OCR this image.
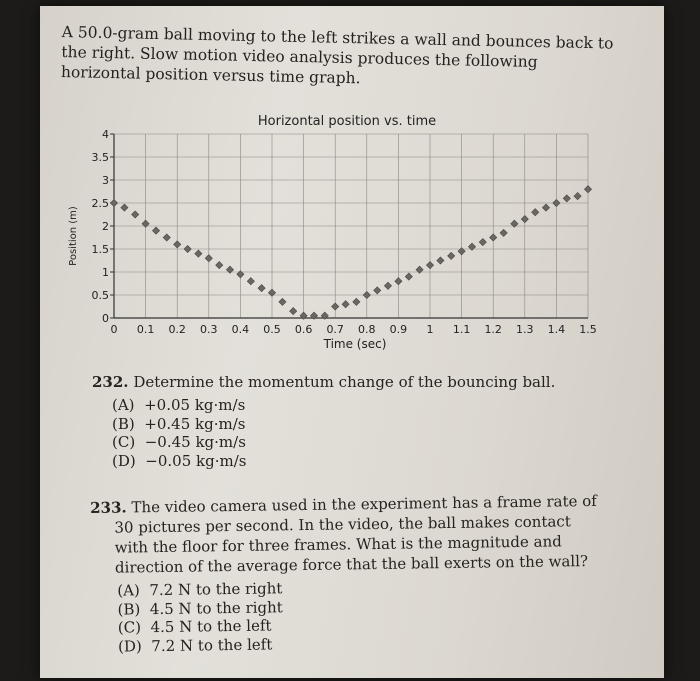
A 50.0-gram ball moving to the left strikes a wall and bounces back to the right. Slow motion video analysis produces the following horizontal position versus time graph.

Horizontal position vs. time
Time (sec)
Position (m)
0
0.5
1
1.5
2
2.5
3
3.5
4
0 0.1 0.2 0.3 0.4 0.5 0.6 0.7 0.8 0.9 1 1.1 1.2 1.3 1.4 1.5
232. Determine the momentum change of the bouncing ball.
(A) +0.05 kg·m/s
(B) +0.45 kg·m/s
(C) −0.45 kg·m/s
(D) −0.05 kg·m/s
233. The video camera used in the experiment has a frame rate of 30 pictures per second. In the video, the ball makes contact with the floor for three frames. What is the magnitude and direction of the average force that the ball exerts on the wall?
(A) 7.2 N to the right
(B) 4.5 N to the right
(C) 4.5 N to the left
(D) 7.2 N to the left
